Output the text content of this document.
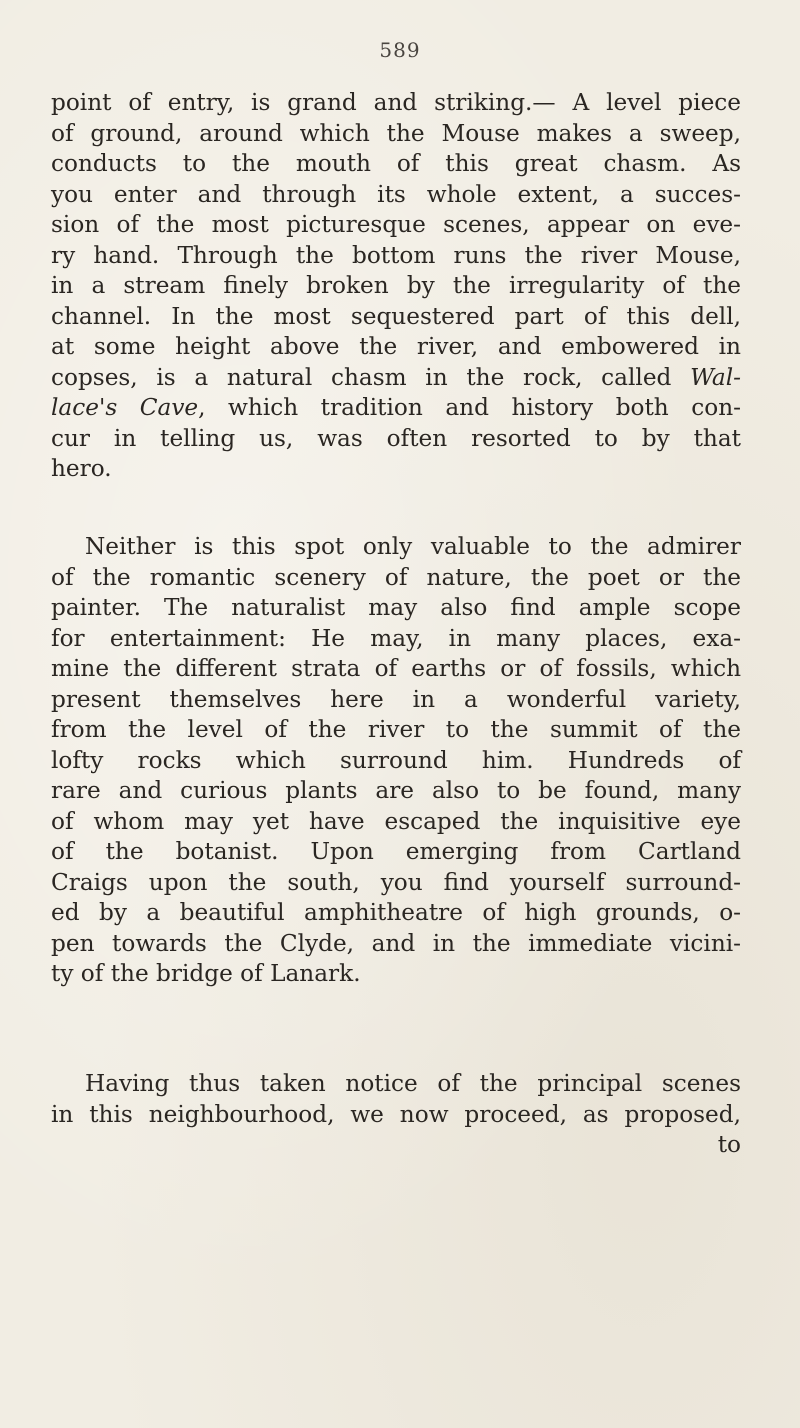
589
point of entry, is grand and striking.— A level piece
of ground, around which the Mouse makes a sweep,
conducts to the mouth of this great chasm. As
you enter and through its whole extent, a succes-
sion of the most picturesque scenes, appear on eve-
ry hand. Through the bottom runs the river Mouse,
in a stream finely broken by the irregularity of the
channel. In the most sequestered part of this dell,
at some height above the river, and embowered in
copses, is a natural chasm in the rock, called Wal-
lace's Cave, which tradition and history both con-
cur in telling us, was often resorted to by that
hero.
Neither is this spot only valuable to the admirer
of the romantic scenery of nature, the poet or the
painter. The naturalist may also find ample scope
for entertainment: He may, in many places, exa-
mine the different strata of earths or of fossils, which
present themselves here in a wonderful variety,
from the level of the river to the summit of the
lofty rocks which surround him. Hundreds of
rare and curious plants are also to be found, many
of whom may yet have escaped the inquisitive eye
of the botanist. Upon emerging from Cartland
Craigs upon the south, you find yourself surround-
ed by a beautiful amphitheatre of high grounds, o-
pen towards the Clyde, and in the immediate vicini-
ty of the bridge of Lanark.
Having thus taken notice of the principal scenes
in this neighbourhood, we now proceed, as proposed,
to
